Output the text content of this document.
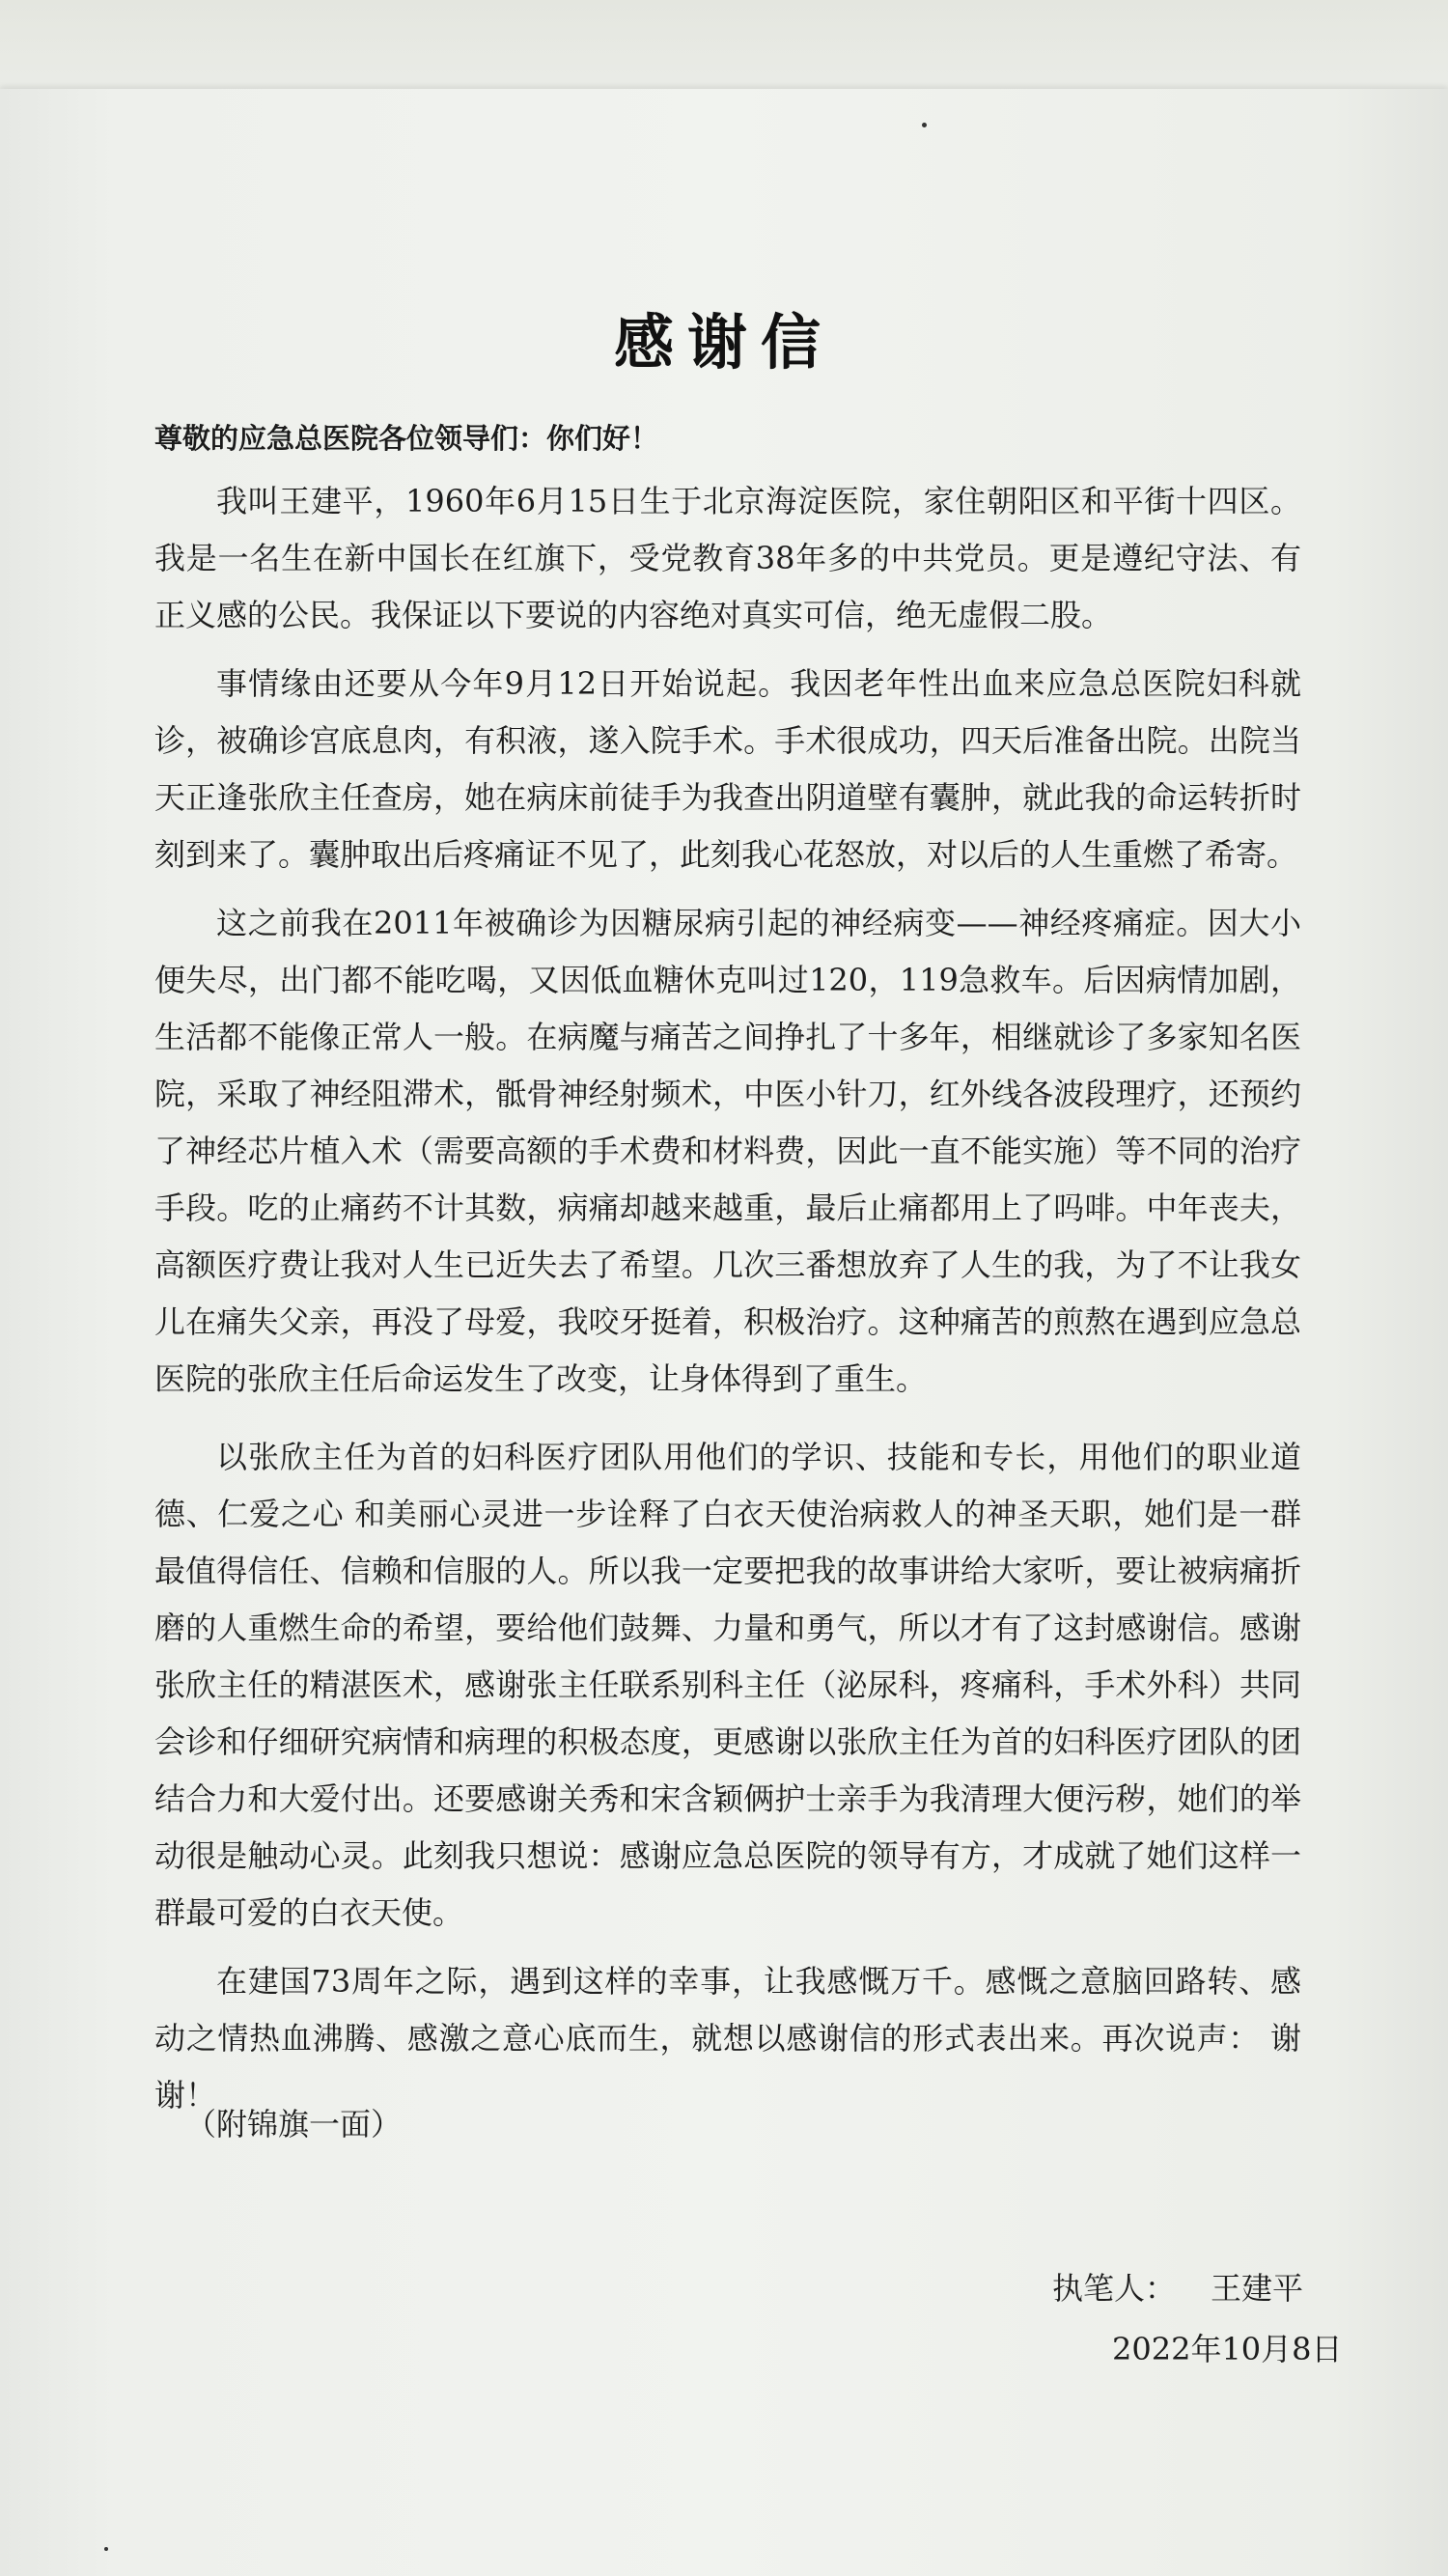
感谢信
尊敬的应急总医院各位领导们：你们好！

我叫王建平，1960年6月15日生于北京海淀医院，家住朝阳区和平街十四区。我是一名生在新中国长在红旗下，受党教育38年多的中共党员。更是遵纪守法、有正义感的公民。我保证以下要说的内容绝对真实可信，绝无虚假二股。

事情缘由还要从今年9月12日开始说起。我因老年性出血来应急总医院妇科就诊，被确诊宫底息肉，有积液，遂入院手术。手术很成功，四天后准备出院。出院当天正逢张欣主任查房，她在病床前徒手为我查出阴道壁有囊肿，就此我的命运转折时刻到来了。囊肿取出后疼痛证不见了，此刻我心花怒放，对以后的人生重燃了希寄。

这之前我在2011年被确诊为因糖尿病引起的神经病变——神经疼痛症。因大小便失尽，出门都不能吃喝，又因低血糖休克叫过120，119急救车。后因病情加剧，生活都不能像正常人一般。在病魔与痛苦之间挣扎了十多年，相继就诊了多家知名医院，采取了神经阻滞术，骶骨神经射频术，中医小针刀，红外线各波段理疗，还预约了神经芯片植入术（需要高额的手术费和材料费，因此一直不能实施）等不同的治疗手段。吃的止痛药不计其数，病痛却越来越重，最后止痛都用上了吗啡。中年丧夫，高额医疗费让我对人生已近失去了希望。几次三番想放弃了人生的我，为了不让我女儿在痛失父亲，再没了母爱，我咬牙挺着，积极治疗。这种痛苦的煎熬在遇到应急总医院的张欣主任后命运发生了改变，让身体得到了重生。

以张欣主任为首的妇科医疗团队用他们的学识、技能和专长，用他们的职业道德、仁爱之心 和美丽心灵进一步诠释了白衣天使治病救人的神圣天职，她们是一群最值得信任、信赖和信服的人。所以我一定要把我的故事讲给大家听，要让被病痛折磨的人重燃生命的希望，要给他们鼓舞、力量和勇气，所以才有了这封感谢信。感谢张欣主任的精湛医术，感谢张主任联系别科主任（泌尿科，疼痛科，手术外科）共同会诊和仔细研究病情和病理的积极态度，更感谢以张欣主任为首的妇科医疗团队的团结合力和大爱付出。还要感谢关秀和宋含颖俩护士亲手为我清理大便污秽，她们的举动很是触动心灵。此刻我只想说：感谢应急总医院的领导有方，才成就了她们这样一群最可爱的白衣天使。

在建国73周年之际，遇到这样的幸事，让我感慨万千。感慨之意脑回路转、感动之情热血沸腾、感激之意心底而生，就想以感谢信的形式表出来。再次说声： 谢谢！

（附锦旗一面）
执笔人： 王建平
2022年10月8日
